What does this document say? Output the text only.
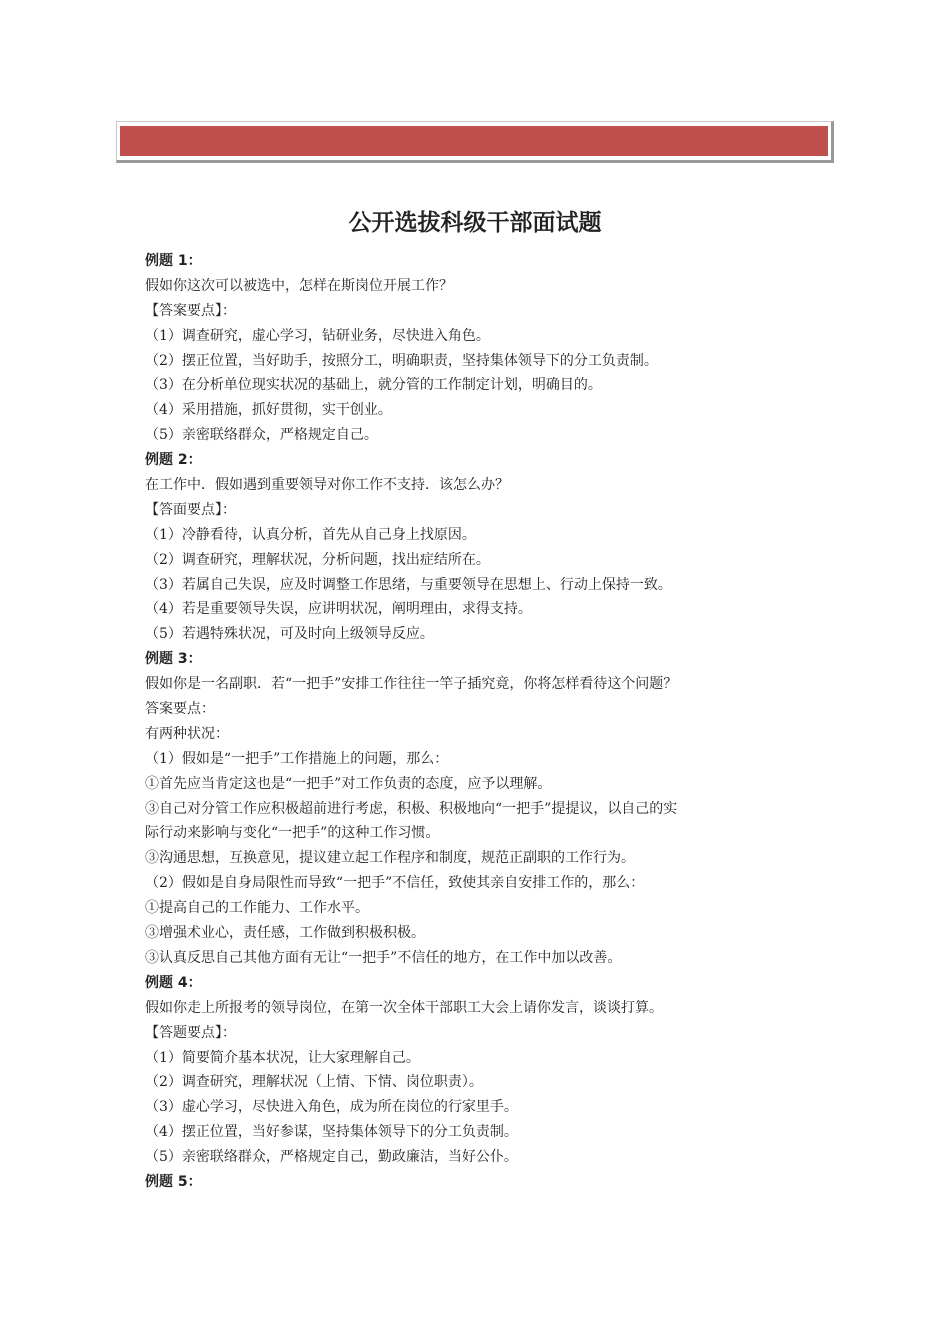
公开选拔科级干部面试题
例题 1：
假如你这次可以被选中，怎样在斯岗位开展工作？
【答案要点】：
（1）调查研究，虚心学习，钻研业务，尽快进入角色。
（2）摆正位置，当好助手，按照分工，明确职责，坚持集体领导下的分工负责制。
（3）在分析单位现实状况的基础上，就分管的工作制定计划，明确目的。
（4）采用措施，抓好贯彻，实干创业。
（5）亲密联络群众，严格规定自己。
例题 2：
在工作中．假如遇到重要领导对你工作不支持．该怎么办？
【答面要点】：
（1）冷静看待，认真分析，首先从自己身上找原因。
（2）调查研究，理解状况，分析问题，找出症结所在。
（3）若属自己失误，应及时调整工作思绪，与重要领导在思想上、行动上保持一致。
（4）若是重要领导失误，应讲明状况，阐明理由，求得支持。
（5）若遇特殊状况，可及时向上级领导反应。
例题 3：
假如你是一名副职．若“一把手”安排工作往往一竿子插究竟，你将怎样看待这个问题？
答案要点：
有两种状况：
（1）假如是“一把手”工作措施上的问题，那么：
①首先应当肯定这也是“一把手”对工作负责的态度，应予以理解。
③自己对分管工作应积极超前进行考虑，积极、积极地向“一把手”提提议，以自己的实
际行动来影响与变化“一把手”的这种工作习惯。
③沟通思想，互换意见，提议建立起工作程序和制度，规范正副职的工作行为。
（2）假如是自身局限性而导致“一把手”不信任，致使其亲自安排工作的，那么：
①提高自己的工作能力、工作水平。
③增强术业心，责任感，工作做到积极积极。
③认真反思自己其他方面有无让“一把手”不信任的地方，在工作中加以改善。
例题 4：
假如你走上所报考的领导岗位，在第一次全体干部职工大会上请你发言，谈谈打算。
【答题要点】：
（1）简要简介基本状况，让大家理解自己。
（2）调查研究，理解状况（上情、下情、岗位职责）。
（3）虚心学习，尽快进入角色，成为所在岗位的行家里手。
（4）摆正位置，当好参谋，坚持集体领导下的分工负责制。
（5）亲密联络群众，严格规定自己，勤政廉洁，当好公仆。
例题 5：
